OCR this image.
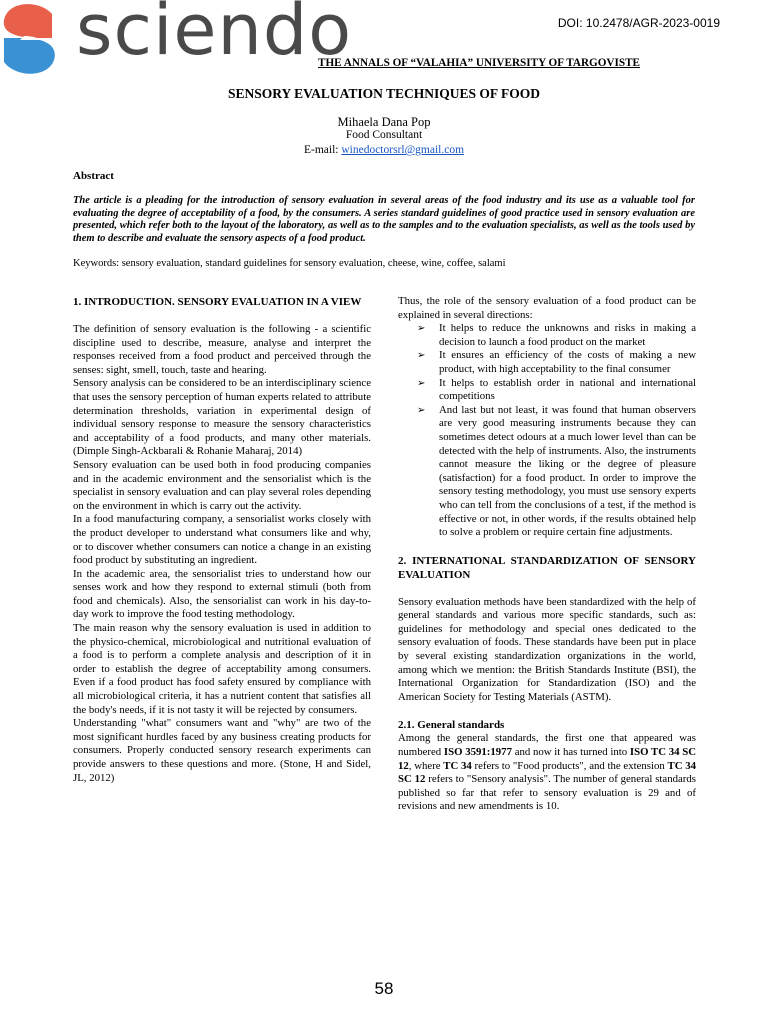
sciendo	DOI: 10.2478/AGR-2023-0019
THE ANNALS OF “VALAHIA” UNIVERSITY OF TARGOVISTE
SENSORY EVALUATION TECHNIQUES OF FOOD
Mihaela Dana Pop
Food Consultant
E-mail: winedoctorsrl@gmail.com
Abstract

The article is a pleading for the introduction of sensory evaluation in several areas of the food industry and its use as a valuable tool for evaluating the degree of acceptability of a food, by the consumers. A series standard guidelines of good practice used in sensory evaluation are presented, which refer both to the layout of the laboratory, as well as to the samples and to the evaluation specialists, as well as the tools used by them to describe and evaluate the sensory aspects of a food product.

Keywords: sensory evaluation, standard guidelines for sensory evaluation, cheese, wine, coffee, salami
1. INTRODUCTION. SENSORY EVALUATION IN A VIEW

The definition of sensory evaluation is the following - a scientific discipline used to describe, measure, analyse and interpret the responses received from a food product and perceived through the senses: sight, smell, touch, taste and hearing.

Sensory analysis can be considered to be an interdisciplinary science that uses the sensory perception of human experts related to attribute determination thresholds, variation in experimental design of individual sensory response to measure the sensory characteristics and acceptability of a food products, and many other materials. (Dimple Singh-Ackbarali & Rohanie Maharaj, 2014)

Sensory evaluation can be used both in food producing companies and in the academic environment and the sensorialist which is the specialist in sensory evaluation and can play several roles depending on the environment in which is carry out the activity.

In a food manufacturing company, a sensorialist works closely with the product developer to understand what consumers like and why, or to discover whether consumers can notice a change in an existing food product by substituting an ingredient.

In the academic area, the sensorialist tries to understand how our senses work and how they respond to external stimuli (both from food and chemicals). Also, the sensorialist can work in his day-to-day work to improve the food testing methodology.

The main reason why the sensory evaluation is used in addition to the physico-chemical, microbiological and nutritional evaluation of a food is to perform a complete analysis and description of it in order to establish the degree of acceptability among consumers. Even if a food product has food safety ensured by compliance with all microbiological criteria, it has a nutrient content that satisfies all the body's needs, if it is not tasty it will be rejected by consumers.

Understanding "what" consumers want and "why" are two of the most significant hurdles faced by any business creating products for consumers. Properly conducted sensory research experiments can provide answers to these questions and more. (Stone, H and Sidel, JL, 2012)

Thus, the role of the sensory evaluation of a food product can be explained in several directions:

➢ It helps to reduce the unknowns and risks in making a decision to launch a food product on the market
➢ It ensures an efficiency of the costs of making a new product, with high acceptability to the final consumer
➢ It helps to establish order in national and international competitions
➢ And last but not least, it was found that human observers are very good measuring instruments because they can sometimes detect odours at a much lower level than can be detected with the help of instruments. Also, the instruments cannot measure the liking or the degree of pleasure (satisfaction) for a food product. In order to improve the sensory testing methodology, you must use sensory experts who can tell from the conclusions of a test, if the method is effective or not, in other words, if the results obtained help to solve a problem or require certain fine adjustments.
2. INTERNATIONAL STANDARDIZATION OF SENSORY EVALUATION

Sensory evaluation methods have been standardized with the help of general standards and various more specific standards, such as: guidelines for methodology and special ones dedicated to the sensory evaluation of foods. These standards have been put in place by several existing standardization organizations in the world, among which we mention: the British Standards Institute (BSI), the International Organization for Standardization (ISO) and the American Society for Testing Materials (ASTM).

2.1. General standards

Among the general standards, the first one that appeared was numbered ISO 3591:1977 and now it has turned into ISO TC 34 SC 12, where TC 34 refers to "Food products", and the extension TC 34 SC 12 refers to "Sensory analysis". The number of general standards published so far that refer to sensory evaluation is 29 and of revisions and new amendments is 10.

58
